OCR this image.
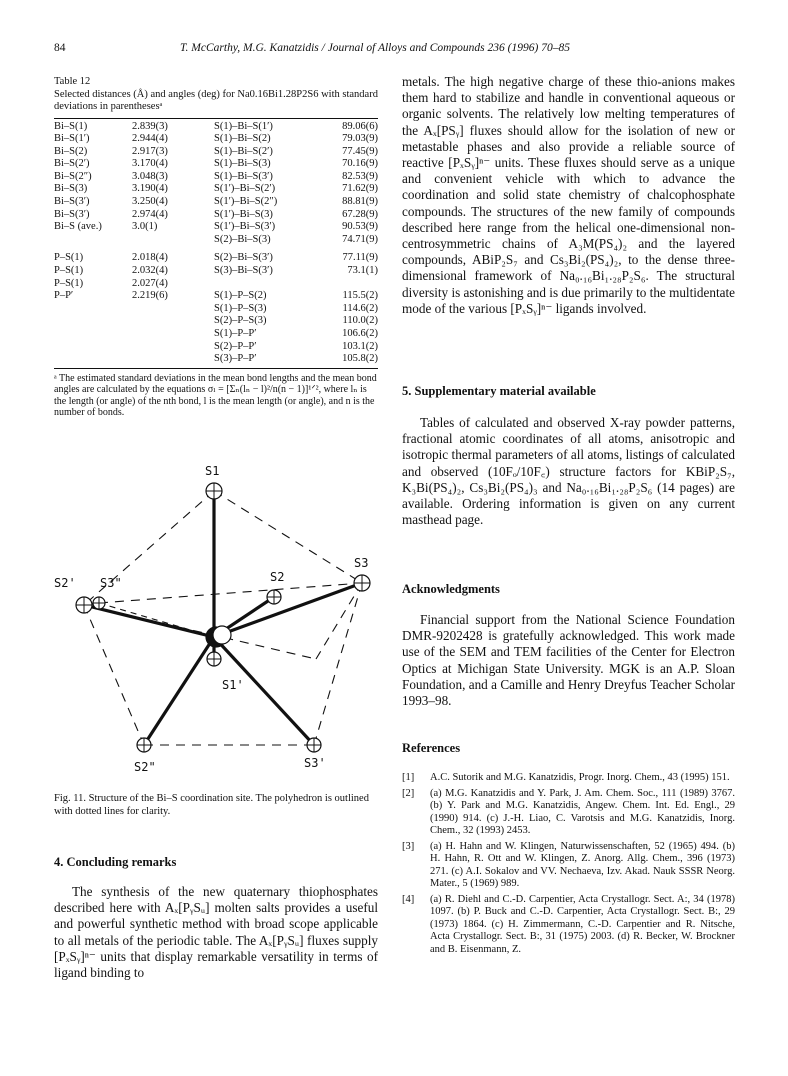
84	T. McCarthy, M.G. Kanatzidis / Journal of Alloys and Compounds 236 (1996) 70–85
Table 12
Selected distances (Å) and angles (deg) for Na0.16Bi1.28P2S6 with standard deviations in parenthesesᵃ
Bi–S(1)	2.839(3)	S(1)–Bi–S(1′)	89.06(6)
Bi–S(1′)	2.944(4)	S(1)–Bi–S(2)	79.03(9)
Bi–S(2)	2.917(3)	S(1)–Bi–S(2′)	77.45(9)
Bi–S(2′)	3.170(4)	S(1)–Bi–S(3)	70.16(9)
Bi–S(2″)	3.048(3)	S(1)–Bi–S(3′)	82.53(9)
Bi–S(3)	3.190(4)	S(1′)–Bi–S(2′)	71.62(9)
Bi–S(3′)	3.250(4)	S(1′)–Bi–S(2″)	88.81(9)
Bi–S(3′)	2.974(4)	S(1′)–Bi–S(3)	67.28(9)
Bi–S (ave.)	3.0(1)	S(1′)–Bi–S(3′)	90.53(9)
		S(2)–Bi–S(3)	74.71(9)

P–S(1)	2.018(4)	S(2)–Bi–S(3′)	77.11(9)
P–S(1)	2.032(4)	S(3)–Bi–S(3′)	73.1(1)
P–S(1)	2.027(4)		
P–P′	2.219(6)	S(1)–P–S(2)	115.5(2)
		S(1)–P–S(3)	114.6(2)
		S(2)–P–S(3)	110.0(2)
		S(1)–P–P′	106.6(2)
		S(2)–P–P′	103.1(2)
		S(3)–P–P′	105.8(2)
ᵃ The estimated standard deviations in the mean bond lengths and the mean bond angles are calculated by the equations σₗ = [Σₙ(lₙ − l)²/n(n − 1)]¹ᐟ², where lₙ is the length (or angle) of the nth bond, l is the mean length (or angle), and n is the number of bonds.
S1
S2
S3
S2' S3"
S1'
S2"	S3'
Fig. 11. Structure of the Bi–S coordination site. The polyhedron is outlined with dotted lines for clarity.
4. Concluding remarks
The synthesis of the new quaternary thiophosphates described here with Aₓ[PᵧSᵤ] molten salts provides a useful and powerful synthetic method with broad scope applicable to all metals of the periodic table. The Aₓ[PᵧSᵤ] fluxes supply [PₓSᵧ]ⁿ⁻ units that display remarkable versatility in terms of ligand binding to
metals. The high negative charge of these thio-anions makes them hard to stabilize and handle in conventional aqueous or organic solvents. The relatively low melting temperatures of the Aₓ[PSᵧ] fluxes should allow for the isolation of new or metastable phases and also provide a reliable source of reactive [PₓSᵧ]ⁿ⁻ units. These fluxes should serve as a unique and convenient vehicle with which to advance the coordination and solid state chemistry of chalcophosphate compounds. The structures of the new family of compounds described here range from the helical one-dimensional non-centrosymmetric chains of A₃M(PS₄)₂ and the layered compounds, ABiP₂S₇ and Cs₃Bi₂(PS₄)₂, to the dense three-dimensional framework of Na₀.₁₆Bi₁.₂₈P₂S₆. The structural diversity is astonishing and is due primarily to the multidentate mode of the various [PₓSᵧ]ⁿ⁻ ligands involved.
5. Supplementary material available
Tables of calculated and observed X-ray powder patterns, fractional atomic coordinates of all atoms, anisotropic and isotropic thermal parameters of all atoms, listings of calculated and observed (10Fₒ/10F꜀) structure factors for KBiP₂S₇, K₃Bi(PS₄)₂, Cs₃Bi₂(PS₄)₃ and Na₀.₁₆Bi₁.₂₈P₂S₆ (14 pages) are available. Ordering information is given on any current masthead page.
Acknowledgments
Financial support from the National Science Foundation DMR-9202428 is gratefully acknowledged. This work made use of the SEM and TEM facilities of the Center for Electron Optics at Michigan State University. MGK is an A.P. Sloan Foundation, and a Camille and Henry Dreyfus Teacher Scholar 1993–98.
References
[1] A.C. Sutorik and M.G. Kanatzidis, Progr. Inorg. Chem., 43 (1995) 151.
[2] (a) M.G. Kanatzidis and Y. Park, J. Am. Chem. Soc., 111 (1989) 3767. (b) Y. Park and M.G. Kanatzidis, Angew. Chem. Int. Ed. Engl., 29 (1990) 914. (c) J.-H. Liao, C. Varotsis and M.G. Kanatzidis, Inorg. Chem., 32 (1993) 2453.
[3] (a) H. Hahn and W. Klingen, Naturwissenschaften, 52 (1965) 494. (b) H. Hahn, R. Ott and W. Klingen, Z. Anorg. Allg. Chem., 396 (1973) 271. (c) A.I. Sokalov and VV. Nechaeva, Izv. Akad. Nauk SSSR Neorg. Mater., 5 (1969) 989.
[4] (a) R. Diehl and C.-D. Carpentier, Acta Crystallogr. Sect. A:, 34 (1978) 1097. (b) P. Buck and C.-D. Carpentier, Acta Crystallogr. Sect. B:, 29 (1973) 1864. (c) H. Zimmermann, C.-D. Carpentier and R. Nitsche, Acta Crystallogr. Sect. B:, 31 (1975) 2003. (d) R. Becker, W. Brockner and B. Eisenmann, Z.
